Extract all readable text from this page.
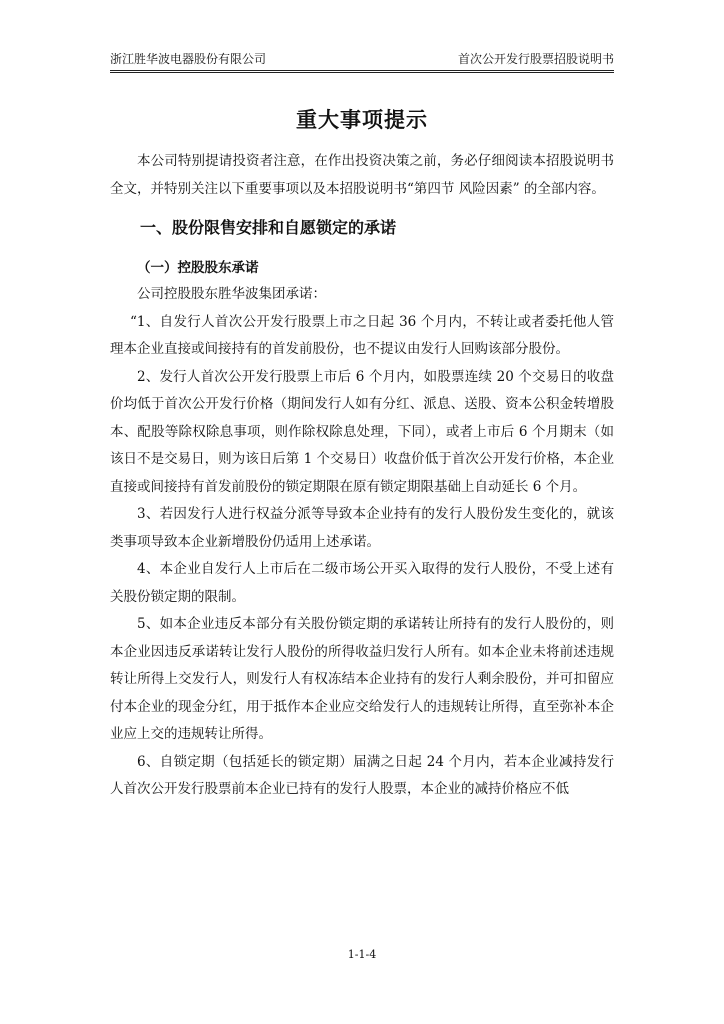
浙江胜华波电器股份有限公司	首次公开发行股票招股说明书
重大事项提示

本公司特别提请投资者注意，在作出投资决策之前，务必仔细阅读本招股说明书全文，并特别关注以下重要事项以及本招股说明书“第四节 风险因素” 的全部内容。

一、股份限售安排和自愿锁定的承诺
（一）控股股东承诺

公司控股股东胜华波集团承诺：

“1、自发行人首次公开发行股票上市之日起 36 个月内，不转让或者委托他人管理本企业直接或间接持有的首发前股份，也不提议由发行人回购该部分股份。

2、发行人首次公开发行股票上市后 6 个月内，如股票连续 20 个交易日的收盘价均低于首次公开发行价格（期间发行人如有分红、派息、送股、资本公积金转增股本、配股等除权除息事项，则作除权除息处理，下同），或者上市后 6 个月期末（如该日不是交易日，则为该日后第 1 个交易日）收盘价低于首次公开发行价格，本企业直接或间接持有首发前股份的锁定期限在原有锁定期限基础上自动延长 6 个月。

3、若因发行人进行权益分派等导致本企业持有的发行人股份发生变化的，就该类事项导致本企业新增股份仍适用上述承诺。

4、本企业自发行人上市后在二级市场公开买入取得的发行人股份，不受上述有关股份锁定期的限制。

5、如本企业违反本部分有关股份锁定期的承诺转让所持有的发行人股份的，则本企业因违反承诺转让发行人股份的所得收益归发行人所有。如本企业未将前述违规转让所得上交发行人，则发行人有权冻结本企业持有的发行人剩余股份，并可扣留应付本企业的现金分红，用于抵作本企业应交给发行人的违规转让所得，直至弥补本企业应上交的违规转让所得。

6、自锁定期（包括延长的锁定期）届满之日起 24 个月内，若本企业减持发行人首次公开发行股票前本企业已持有的发行人股票，本企业的减持价格应不低

1-1-4
